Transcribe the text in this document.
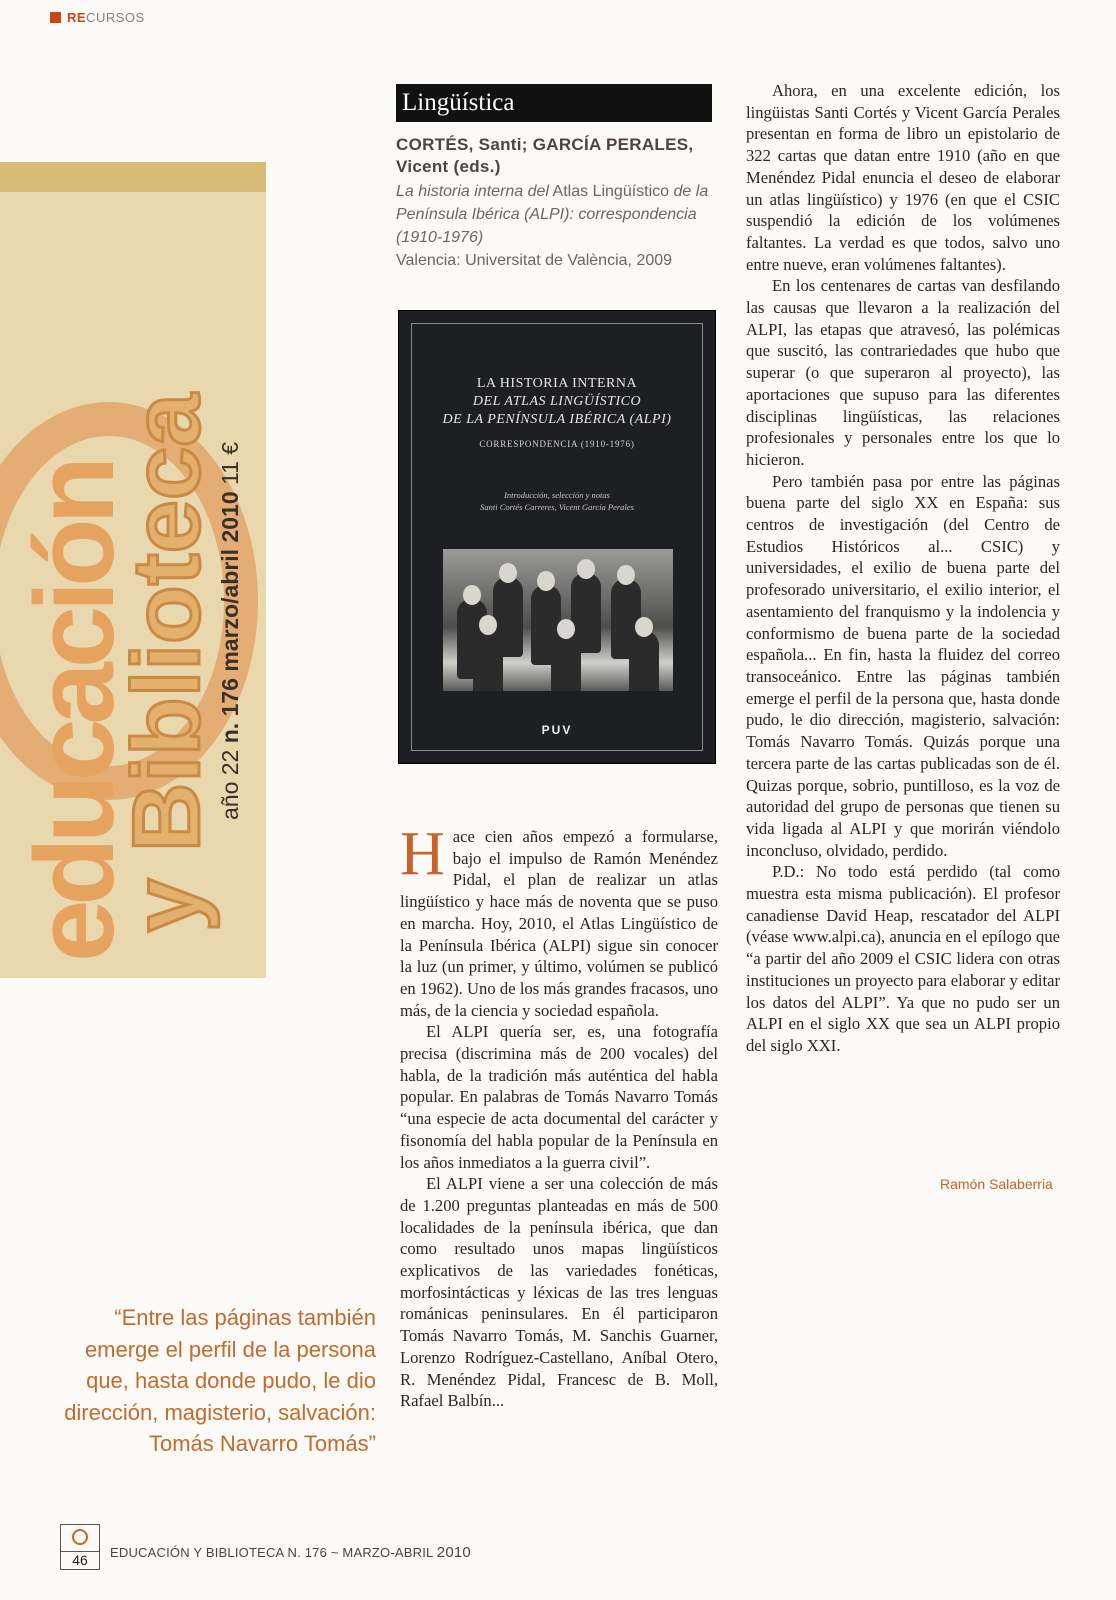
RE CURSOS
educación
y Biblioteca
año 22 n. 176 marzo/abril 2010 11 €
Lingüística
CORTÉS, Santi; GARCÍA PERALES, Vicent (eds.)
La historia interna del Atlas Lingüístico de la Península Ibérica (ALPI): correspondencia (1910-1976)
Valencia: Universitat de València, 2009
LA HISTORIA INTERNA
DEL ATLAS LINGÜÍSTICO
DE LA PENÍNSULA IBÉRICA (ALPI)
CORRESPONDENCIA (1910-1976)
Introducción, selección y notas
Santi Cortés Carreres, Vicent García Perales
PUV

Hace cien años empezó a formularse, bajo el impulso de Ramón Menéndez Pidal, el plan de realizar un atlas lingüístico y hace más de noventa que se puso en marcha. Hoy, 2010, el Atlas Lingüístico de la Península Ibérica (ALPI) sigue sin conocer la luz (un primer, y último, volúmen se publicó en 1962). Uno de los más grandes fracasos, uno más, de la ciencia y sociedad española.

El ALPI quería ser, es, una fotografía precisa (discrimina más de 200 vocales) del habla, de la tradición más auténtica del habla popular. En palabras de Tomás Navarro Tomás “una especie de acta documental del carácter y fisonomía del habla popular de la Península en los años inmediatos a la guerra civil”.

El ALPI viene a ser una colección de más de 1.200 preguntas planteadas en más de 500 localidades de la península ibérica, que dan como resultado unos mapas lingüísticos explicativos de las variedades fonéticas, morfosintácticas y léxicas de las tres lenguas románicas peninsulares. En él participaron Tomás Navarro Tomás, M. Sanchis Guarner, Lorenzo Rodríguez-Castellano, Aníbal Otero, R. Menéndez Pidal, Francesc de B. Moll, Rafael Balbín...

Ahora, en una excelente edición, los lingüistas Santi Cortés y Vicent García Perales presentan en forma de libro un epistolario de 322 cartas que datan entre 1910 (año en que Menéndez Pidal enuncia el deseo de elaborar un atlas lingüístico) y 1976 (en que el CSIC suspendió la edición de los volúmenes faltantes. La verdad es que todos, salvo uno entre nueve, eran volúmenes faltantes).

En los centenares de cartas van desfilando las causas que llevaron a la realización del ALPI, las etapas que atravesó, las polémicas que suscitó, las contrariedades que hubo que superar (o que superaron al proyecto), las aportaciones que supuso para las diferentes disciplinas lingüísticas, las relaciones profesionales y personales entre los que lo hicieron.

Pero también pasa por entre las páginas buena parte del siglo XX en España: sus centros de investigación (del Centro de Estudios Históricos al... CSIC) y universidades, el exilio de buena parte del profesorado universitario, el exilio interior, el asentamiento del franquismo y la indolencia y conformismo de buena parte de la sociedad española... En fin, hasta la fluidez del correo transoceánico. Entre las páginas también emerge el perfil de la persona que, hasta donde pudo, le dio dirección, magisterio, salvación: Tomás Navarro Tomás. Quizás porque una tercera parte de las cartas publicadas son de él. Quizas porque, sobrio, puntilloso, es la voz de autoridad del grupo de personas que tienen su vida ligada al ALPI y que morirán viéndolo inconcluso, olvidado, perdido.

P.D.: No todo está perdido (tal como muestra esta misma publicación). El profesor canadiense David Heap, rescatador del ALPI (véase www.alpi.ca), anuncia en el epílogo que “a partir del año 2009 el CSIC lidera con otras instituciones un proyecto para elaborar y editar los datos del ALPI”. Ya que no pudo ser un ALPI en el siglo XX que sea un ALPI propio del siglo XXI.

Ramón Salaberria
“Entre las páginas también emerge el perfil de la persona que, hasta donde pudo, le dio dirección, magisterio, salvación: Tomás Navarro Tomás”
46	EDUCACIÓN Y BIBLIOTECA N. 176 ~ MARZO-ABRIL 2010
